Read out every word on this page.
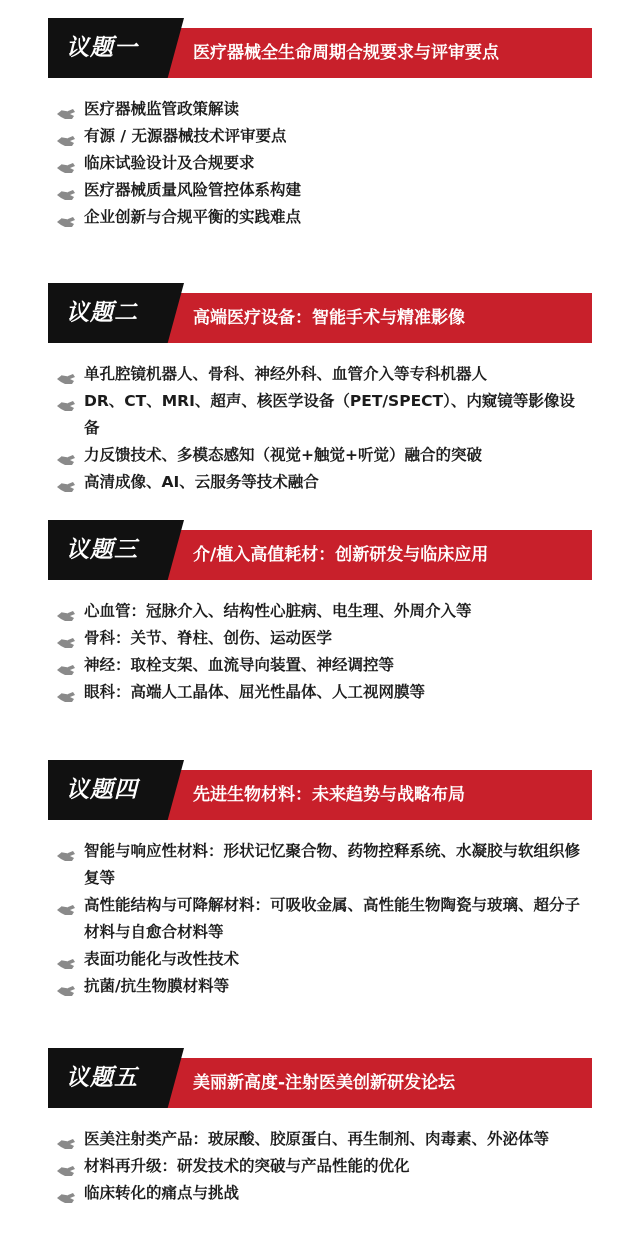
议题一	医疗器械全生命周期合规要求与评审要点
医疗器械监管政策解读
有源 / 无源器械技术评审要点
临床试验设计及合规要求
医疗器械质量风险管控体系构建
企业创新与合规平衡的实践难点
议题二	高端医疗设备：智能手术与精准影像
单孔腔镜机器人、骨科、神经外科、血管介入等专科机器人
DR、CT、MRI、超声、核医学设备（PET/SPECT）、内窥镜等影像设备
力反馈技术、多模态感知（视觉+触觉+听觉）融合的突破
高清成像、AI、云服务等技术融合
议题三	介/植入高值耗材：创新研发与临床应用
心血管：冠脉介入、结构性心脏病、电生理、外周介入等
骨科：关节、脊柱、创伤、运动医学
神经：取栓支架、血流导向装置、神经调控等
眼科：高端人工晶体、屈光性晶体、人工视网膜等
议题四	先进生物材料：未来趋势与战略布局
智能与响应性材料：形状记忆聚合物、药物控释系统、水凝胶与软组织修复等
高性能结构与可降解材料：可吸收金属、高性能生物陶瓷与玻璃、超分子材料与自愈合材料等
表面功能化与改性技术
抗菌/抗生物膜材料等
议题五	美丽新高度-注射医美创新研发论坛
医美注射类产品：玻尿酸、胶原蛋白、再生制剂、肉毒素、外泌体等
材料再升级：研发技术的突破与产品性能的优化
临床转化的痛点与挑战
